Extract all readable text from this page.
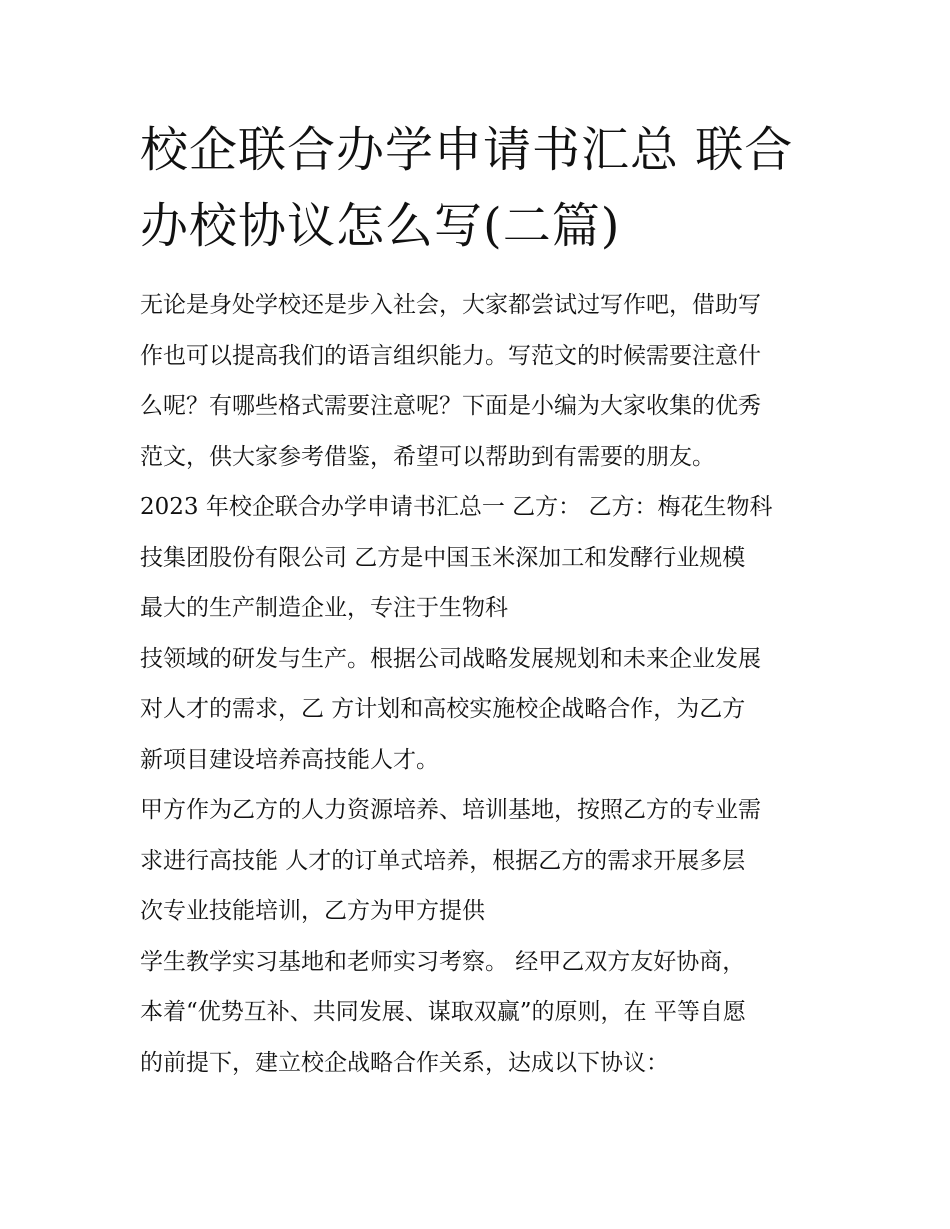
校企联合办学申请书汇总 联合
办校协议怎么写(二篇)
无论是身处学校还是步入社会，大家都尝试过写作吧，借助写
作也可以提高我们的语言组织能力。写范文的时候需要注意什
么呢？有哪些格式需要注意呢？下面是小编为大家收集的优秀
范文，供大家参考借鉴，希望可以帮助到有需要的朋友。
2023 年校企联合办学申请书汇总一 乙方： 乙方：梅花生物科
技集团股份有限公司 乙方是中国玉米深加工和发酵行业规模
最大的生产制造企业，专注于生物科
技领域的研发与生产。根据公司战略发展规划和未来企业发展
对人才的需求，乙 方计划和高校实施校企战略合作，为乙方
新项目建设培养高技能人才。
甲方作为乙方的人力资源培养、培训基地，按照乙方的专业需
求进行高技能 人才的订单式培养，根据乙方的需求开展多层
次专业技能培训，乙方为甲方提供
学生教学实习基地和老师实习考察。 经甲乙双方友好协商，
本着“优势互补、共同发展、谋取双赢”的原则，在 平等自愿
的前提下，建立校企战略合作关系，达成以下协议：
